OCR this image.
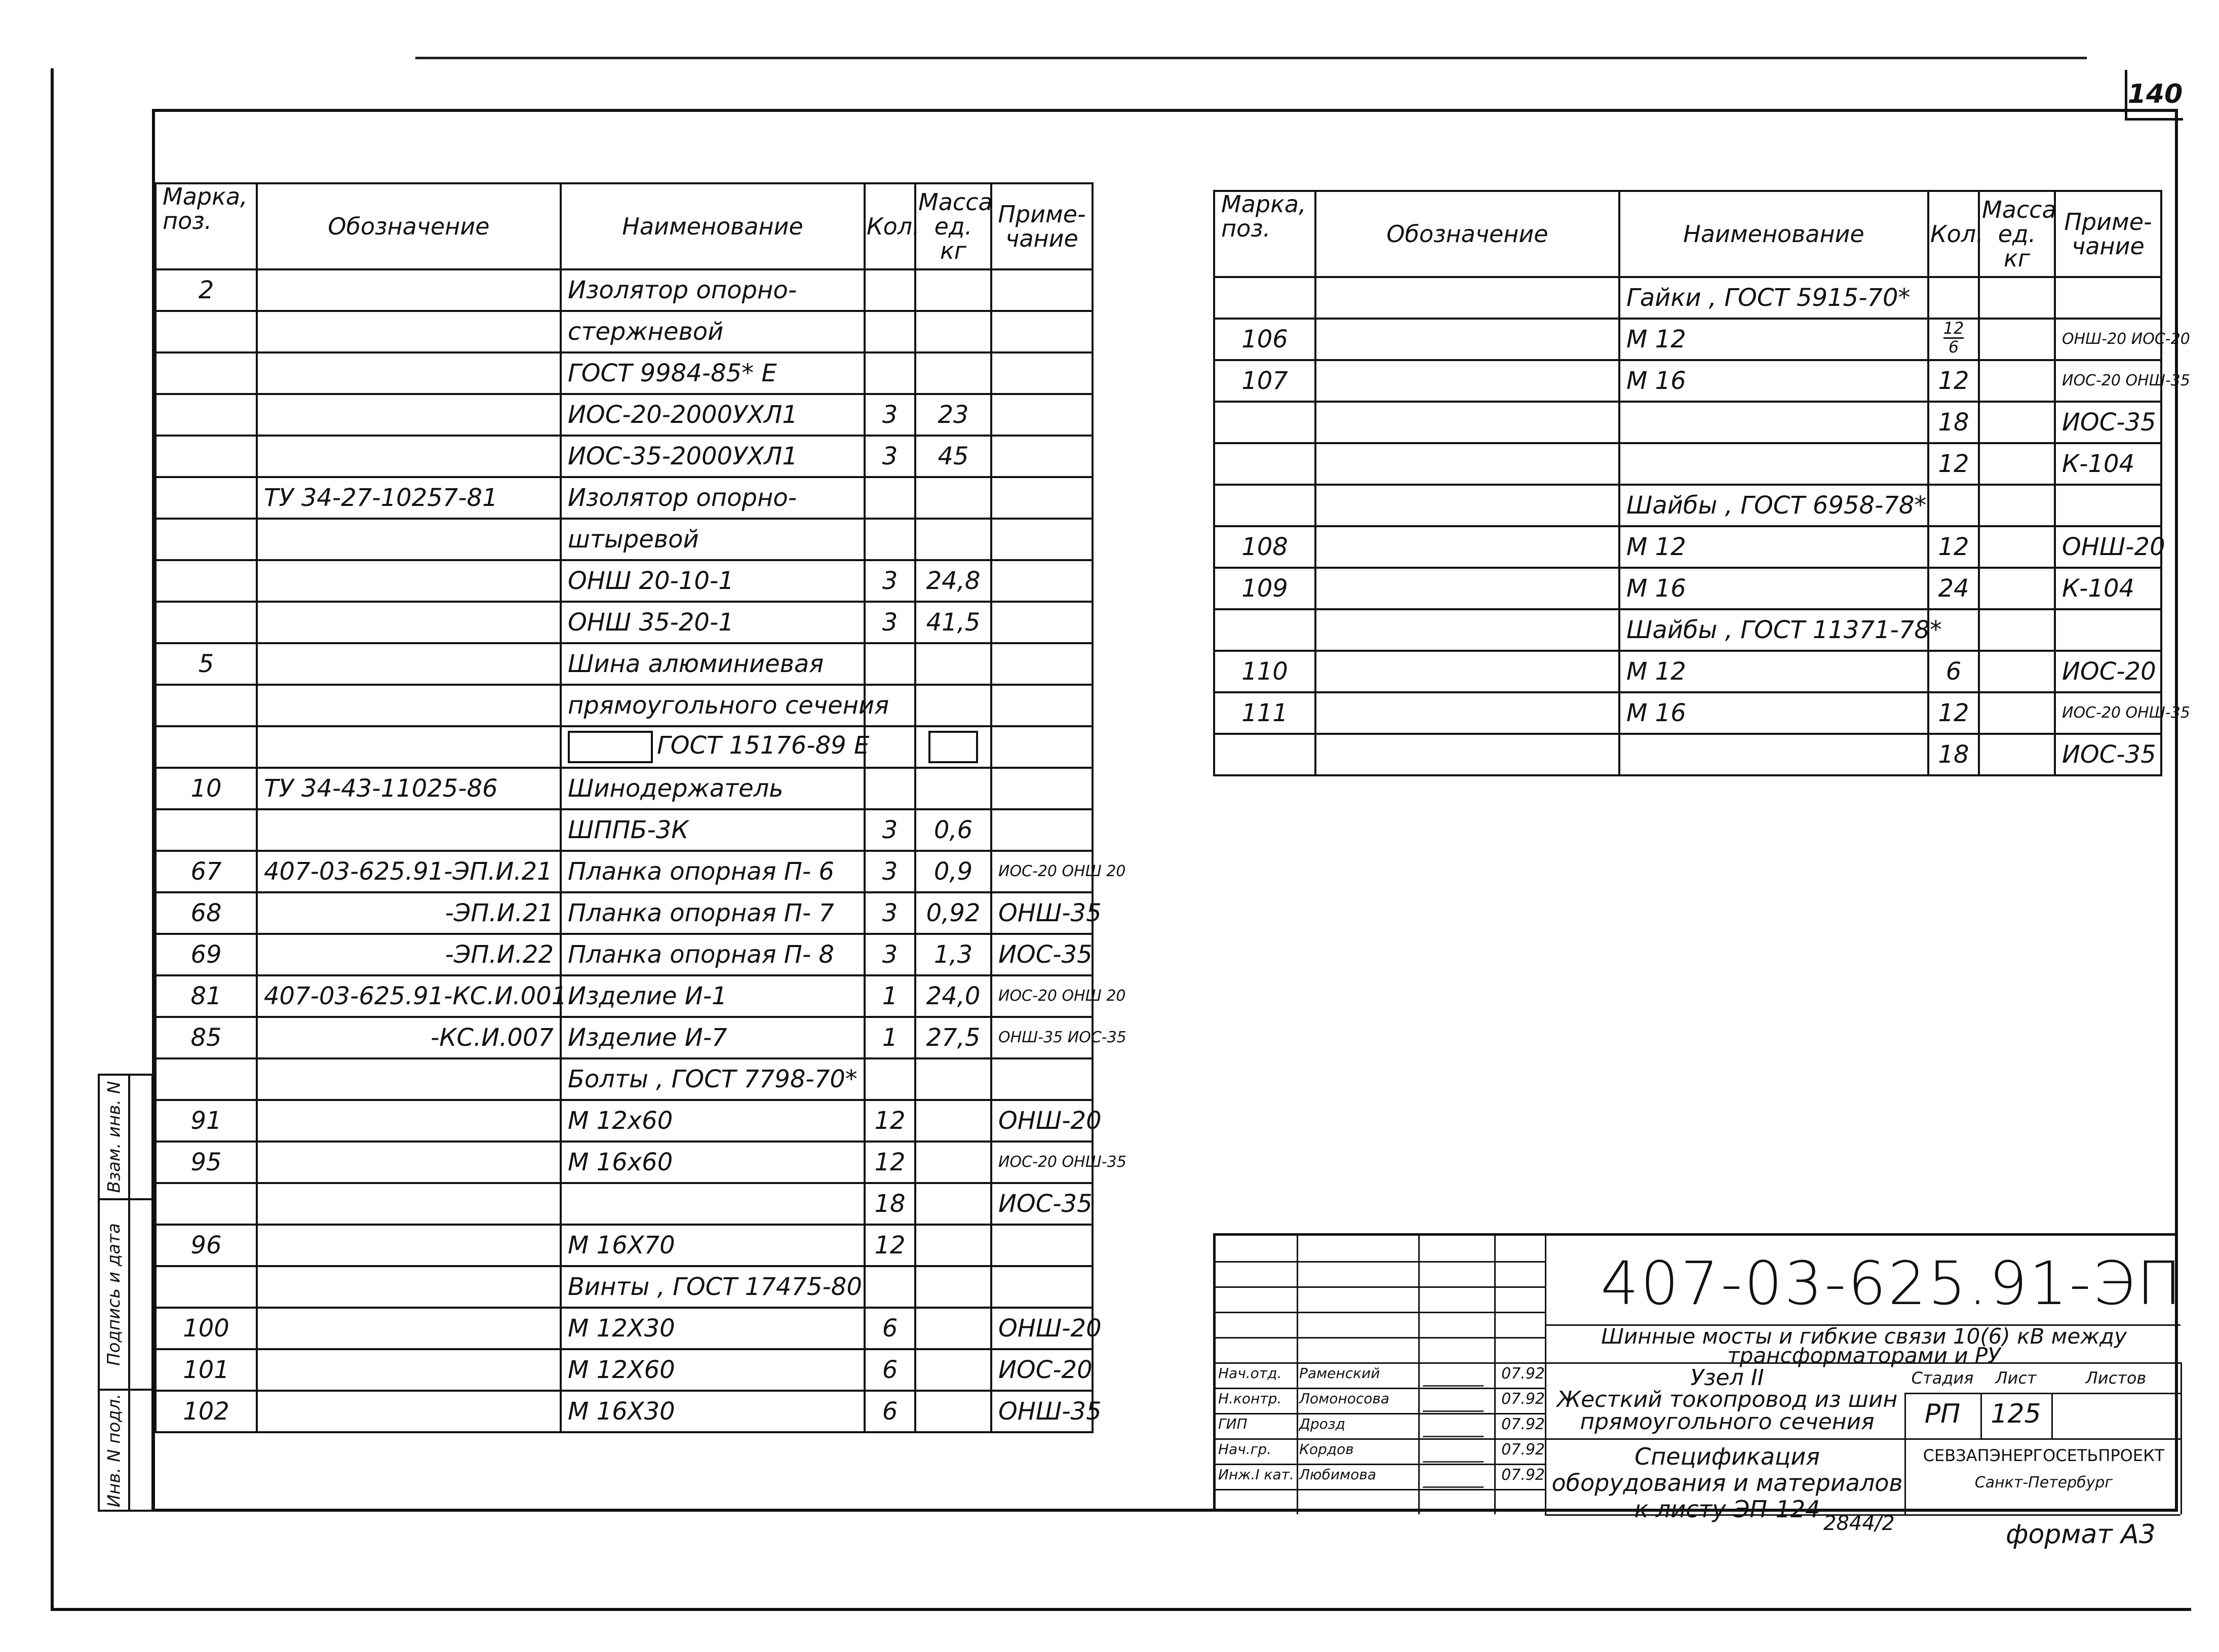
140
Марка, поз.	Обозначение	Наименование	Кол.	Масса ед. кг	Приме- чание
2		Изолятор опорно-			
		стержневой			
		ГОСТ 9984-85* Е			
		ИОС-20-2000УХЛ1	3	23	
		ИОС-35-2000УХЛ1	3	45	
	ТУ 34-27-10257-81	Изолятор опорно-			
		штыревой			
		ОНШ 20-10-1	3	24,8	
		ОНШ 35-20-1	3	41,5	
5		Шина алюминиевая			
		прямоугольного сечения			
		ГОСТ 15176-89 Е			
10	ТУ 34-43-11025-86	Шинодержатель			
		ШППБ-3К	3	0,6	
67	407-03-625.91-ЭП.И.21	Планка опорная П- 6	3	0,9	ИОС-20 ОНШ 20
68	-ЭП.И.21	Планка опорная П- 7	3	0,92	ОНШ-35
69	-ЭП.И.22	Планка опорная П- 8	3	1,3	ИОС-35
81	407-03-625.91-КС.И.001	Изделие И-1	1	24,0	ИОС-20 ОНШ 20
85	-КС.И.007	Изделие И-7	1	27,5	ОНШ-35 ИОС-35
		Болты , ГОСТ 7798-70*			
91		М 12х60	12		ОНШ-20
95		М 16х60	12		ИОС-20 ОНШ-35
			18		ИОС-35
96		М 16Х70	12		
		Винты , ГОСТ 17475-80			
100		М 12Х30	6		ОНШ-20
101		М 12Х60	6		ИОС-20
102		М 16Х30	6		ОНШ-35
Марка, поз.	Обозначение	Наименование	Кол.	Масса ед. кг	Приме- чание
		Гайки , ГОСТ 5915-70*			
106		М 12	$\frac{12}{6}$		ОНШ-20 ИОС-20
107		М 16	12		ИОС-20 ОНШ-35
			18		ИОС-35
			12		К-104
		Шайбы , ГОСТ 6958-78*			
108		М 12	12		ОНШ-20
109		М 16	24		К-104
		Шайбы , ГОСТ 11371-78*			
110		М 12	6		ИОС-20
111		М 16	12		ИОС-20 ОНШ-35
			18		ИОС-35
Взам. инв. N
Подпись и дата
Инв. N подл.
407-03-625.91-ЭП
Шинные мосты и гибкие связи 10(6) кВ между трансформаторами и РУ
Узел II
Жесткий токопровод из шин прямоугольного сечения
Спецификация оборудования и материалов к листу ЭП-124
Стадия	Лист	Листов
РП	125
СЕВЗАПЭНЕРГОСЕТЬПРОЕКТ
Санкт-Петербург
Нач.отд. Раменский	07.92
Н.контр. Ломоносова	07.92
ГИП	Дрозд	07.92
Нач.гр. Кордов	07.92
Инж.I кат. Любимова	07.92
2844/2	формат А3
